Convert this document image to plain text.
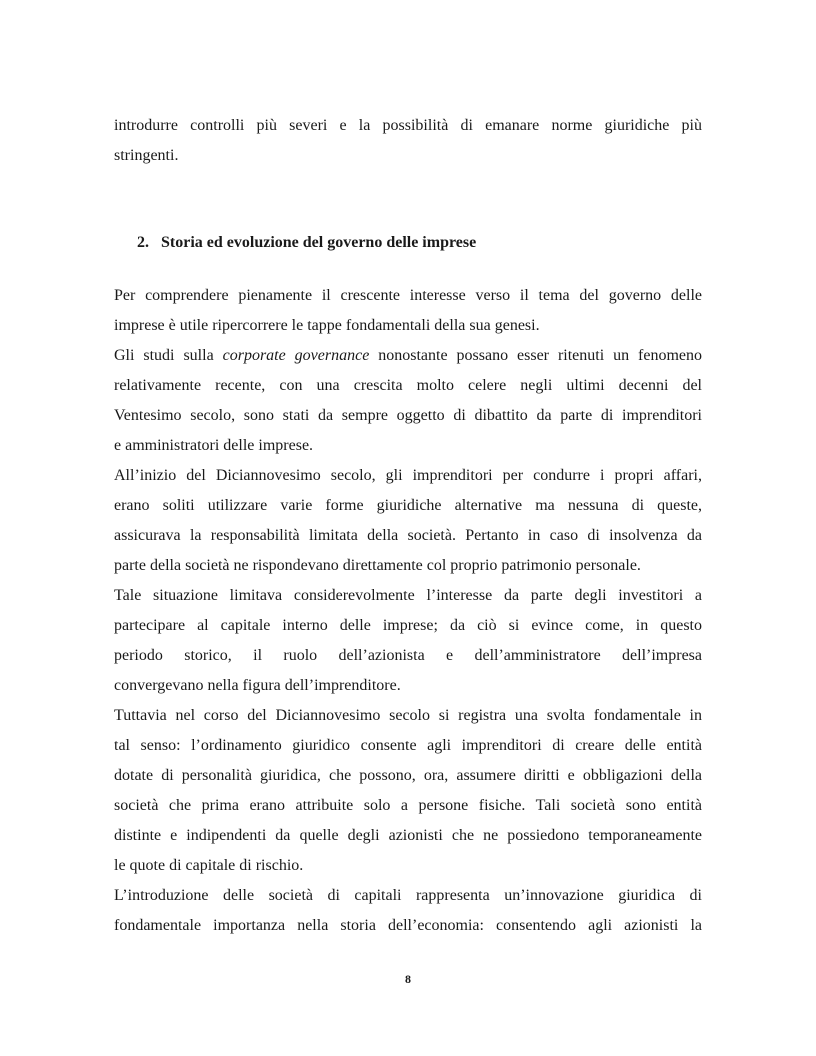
introdurre controlli più severi e la possibilità di emanare norme giuridiche più
stringenti.
2. Storia ed evoluzione del governo delle imprese
Per comprendere pienamente il crescente interesse verso il tema del governo delle
imprese è utile ripercorrere le tappe fondamentali della sua genesi.
Gli studi sulla corporate governance nonostante possano esser ritenuti un fenomeno
relativamente recente, con una crescita molto celere negli ultimi decenni del
Ventesimo secolo, sono stati da sempre oggetto di dibattito da parte di imprenditori
e amministratori delle imprese.
All’inizio del Diciannovesimo secolo, gli imprenditori per condurre i propri affari,
erano soliti utilizzare varie forme giuridiche alternative ma nessuna di queste,
assicurava la responsabilità limitata della società. Pertanto in caso di insolvenza da
parte della società ne rispondevano direttamente col proprio patrimonio personale.
Tale situazione limitava considerevolmente l’interesse da parte degli investitori a
partecipare al capitale interno delle imprese; da ciò si evince come, in questo
periodo storico, il ruolo dell’azionista e dell’amministratore dell’impresa
convergevano nella figura dell’imprenditore.
Tuttavia nel corso del Diciannovesimo secolo si registra una svolta fondamentale in
tal senso: l’ordinamento giuridico consente agli imprenditori di creare delle entità
dotate di personalità giuridica, che possono, ora, assumere diritti e obbligazioni della
società che prima erano attribuite solo a persone fisiche. Tali società sono entità
distinte e indipendenti da quelle degli azionisti che ne possiedono temporaneamente
le quote di capitale di rischio.
L’introduzione delle società di capitali rappresenta un’innovazione giuridica di
fondamentale importanza nella storia dell’economia: consentendo agli azionisti la
8
